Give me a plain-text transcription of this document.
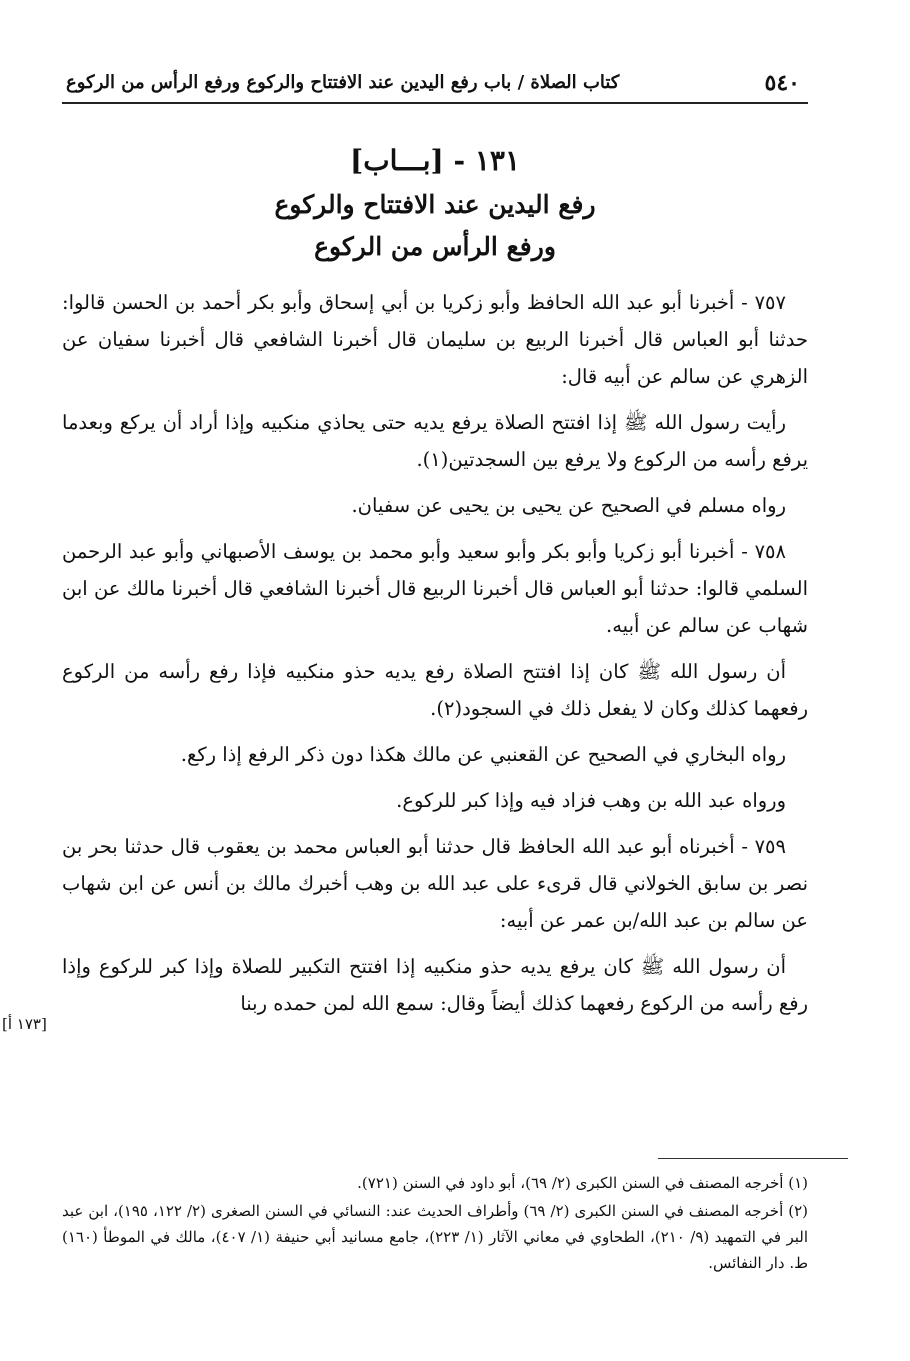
٥٤٠
كتاب الصلاة / باب رفع اليدين عند الافتتاح والركوع ورفع الرأس من الركوع
١٣١ - [بـــاب]
رفع اليدين عند الافتتاح والركوع
ورفع الرأس من الركوع

٧٥٧ - أخبرنا أبو عبد الله الحافظ وأبو زكريا بن أبي إسحاق وأبو بكر أحمد بن الحسن قالوا: حدثنا أبو العباس قال أخبرنا الربيع بن سليمان قال أخبرنا الشافعي قال أخبرنا سفيان عن الزهري عن سالم عن أبيه قال:

رأيت رسول الله ﷺ إذا افتتح الصلاة يرفع يديه حتى يحاذي منكبيه وإذا أراد أن يركع وبعدما يرفع رأسه من الركوع ولا يرفع بين السجدتين(١).

رواه مسلم في الصحيح عن يحيى بن يحيى عن سفيان.

٧٥٨ - أخبرنا أبو زكريا وأبو بكر وأبو سعيد وأبو محمد بن يوسف الأصبهاني وأبو عبد الرحمن السلمي قالوا: حدثنا أبو العباس قال أخبرنا الربيع قال أخبرنا الشافعي قال أخبرنا مالك عن ابن شهاب عن سالم عن أبيه.

أن رسول الله ﷺ كان إذا افتتح الصلاة رفع يديه حذو منكبيه فإذا رفع رأسه من الركوع رفعهما كذلك وكان لا يفعل ذلك في السجود(٢).

رواه البخاري في الصحيح عن القعنبي عن مالك هكذا دون ذكر الرفع إذا ركع.

ورواه عبد الله بن وهب فزاد فيه وإذا كبر للركوع.

٧٥٩ - أخبرناه أبو عبد الله الحافظ قال حدثنا أبو العباس محمد بن يعقوب قال حدثنا بحر بن نصر بن سابق الخولاني قال قرىء على عبد الله بن وهب أخبرك مالك بن أنس عن ابن شهاب عن سالم بن عبد الله/بن عمر عن أبيه:

أن رسول الله ﷺ كان يرفع يديه حذو منكبيه إذا افتتح التكبير للصلاة وإذا كبر للركوع وإذا رفع رأسه من الركوع رفعهما كذلك أيضاً وقال: سمع الله لمن حمده ربنا

[١٧٣ أ]

(١) أخرجه المصنف في السنن الكبرى (٢/ ٦٩)، أبو داود في السنن (٧٢١).

(٢) أخرجه المصنف في السنن الكبرى (٢/ ٦٩) وأطراف الحديث عند: النسائي في السنن الصغرى (٢/ ١٢٢، ١٩٥)، ابن عبد البر في التمهيد (٩/ ٢١٠)، الطحاوي في معاني الآثار (١/ ٢٢٣)، جامع مسانيد أبي حنيفة (١/ ٤٠٧)، مالك في الموطأ (١٦٠) ط. دار النفائس.
